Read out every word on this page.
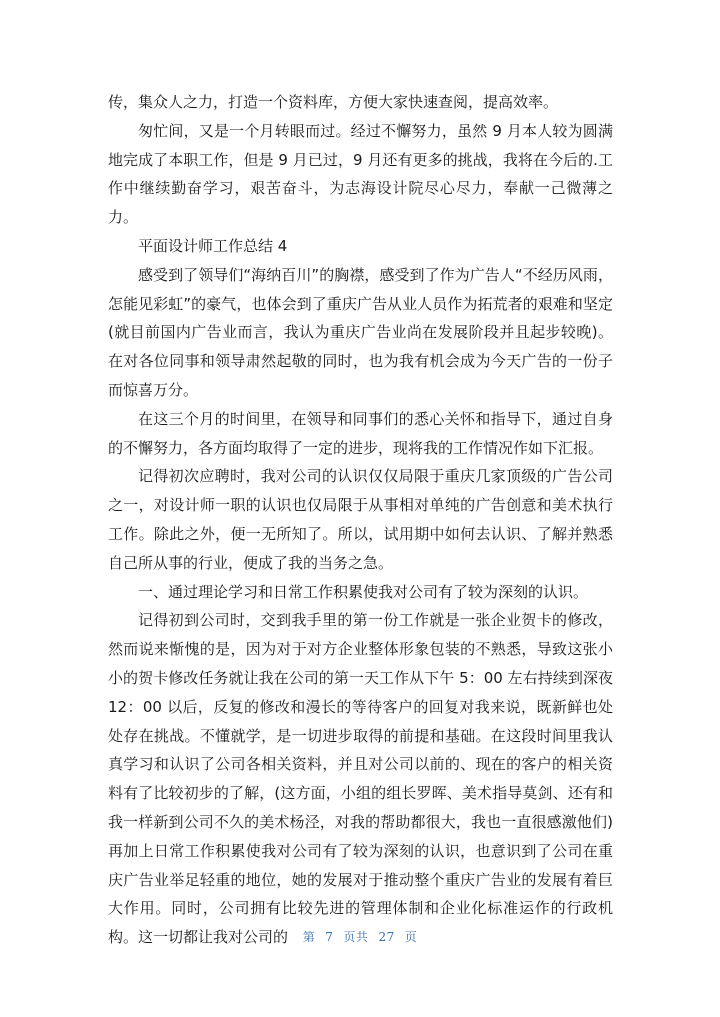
传，集众人之力，打造一个资料库，方便大家快速查阅，提高效率。

匆忙间，又是一个月转眼而过。经过不懈努力，虽然 9 月本人较为圆满地完成了本职工作，但是 9 月已过，9 月还有更多的挑战，我将在今后的.工作中继续勤奋学习，艰苦奋斗，为志海设计院尽心尽力，奉献一己微薄之力。

平面设计师工作总结 4

感受到了领导们“海纳百川”的胸襟，感受到了作为广告人“不经历风雨，怎能见彩虹”的豪气，也体会到了重庆广告从业人员作为拓荒者的艰难和坚定(就目前国内广告业而言，我认为重庆广告业尚在发展阶段并且起步较晚)。在对各位同事和领导肃然起敬的同时，也为我有机会成为今天广告的一份子而惊喜万分。

在这三个月的时间里，在领导和同事们的悉心关怀和指导下，通过自身的不懈努力，各方面均取得了一定的进步，现将我的工作情况作如下汇报。

记得初次应聘时，我对公司的认识仅仅局限于重庆几家顶级的广告公司之一，对设计师一职的认识也仅局限于从事相对单纯的广告创意和美术执行工作。除此之外，便一无所知了。所以，试用期中如何去认识、了解并熟悉自己所从事的行业，便成了我的当务之急。

一、通过理论学习和日常工作积累使我对公司有了较为深刻的认识。

记得初到公司时，交到我手里的第一份工作就是一张企业贺卡的修改，然而说来惭愧的是，因为对于对方企业整体形象包装的不熟悉，导致这张小小的贺卡修改任务就让我在公司的第一天工作从下午 5：00 左右持续到深夜 12：00 以后，反复的修改和漫长的等待客户的回复对我来说，既新鲜也处处存在挑战。不懂就学，是一切进步取得的前提和基础。在这段时间里我认真学习和认识了公司各相关资料，并且对公司以前的、现在的客户的相关资料有了比较初步的了解，(这方面，小组的组长罗晖、美术指导莫剑、还有和我一样新到公司不久的美术杨泾，对我的帮助都很大，我也一直很感激他们)再加上日常工作积累使我对公司有了较为深刻的认识，也意识到了公司在重庆广告业举足轻重的地位，她的发展对于推动整个重庆广告业的发展有着巨大作用。同时，公司拥有比较先进的管理体制和企业化标准运作的行政机构。这一切都让我对公司的	第 7 页共 27 页
